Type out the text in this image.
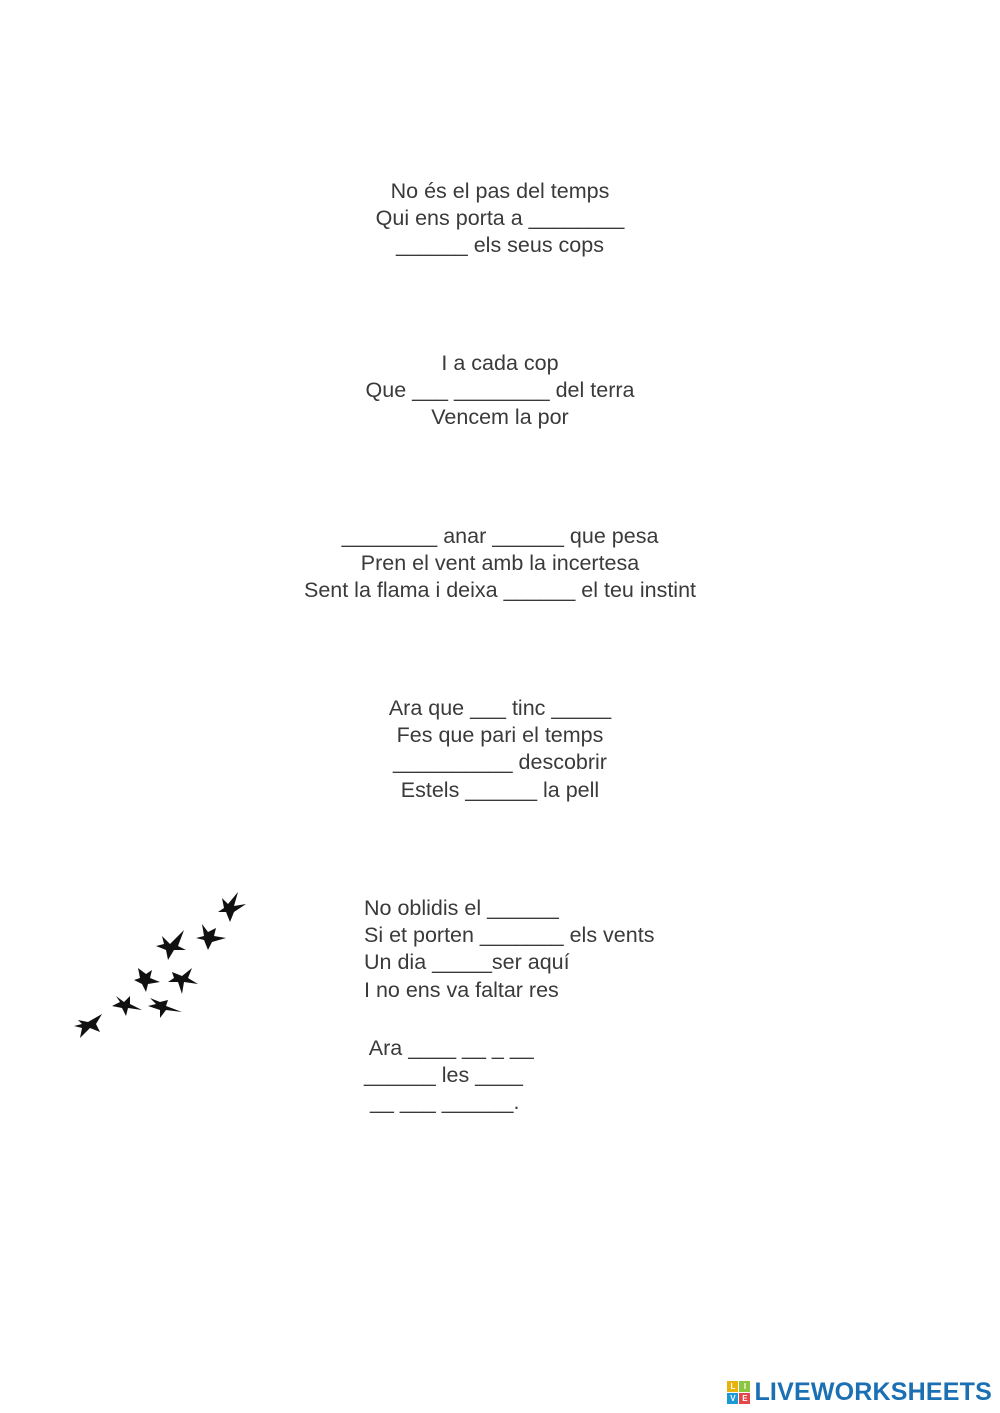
No és el pas del temps
Qui ens porta a ________
______ els seus cops
I a cada cop
Que ___ ________ del terra
Vencem la por
________ anar ______ que pesa
Pren el vent amb la incertesa
Sent la flama i deixa ______ el teu instint
Ara que ___ tinc _____
Fes que pari el temps
__________ descobrir
Estels ______ la pell
No oblidis el ______
Si et porten _______ els vents
Un dia _____ser aquí
I no ens va faltar res
Ara ____ __ _ __
______ les ____
__ ___ ______.
L	I
V E LIVEWORKSHEETS
